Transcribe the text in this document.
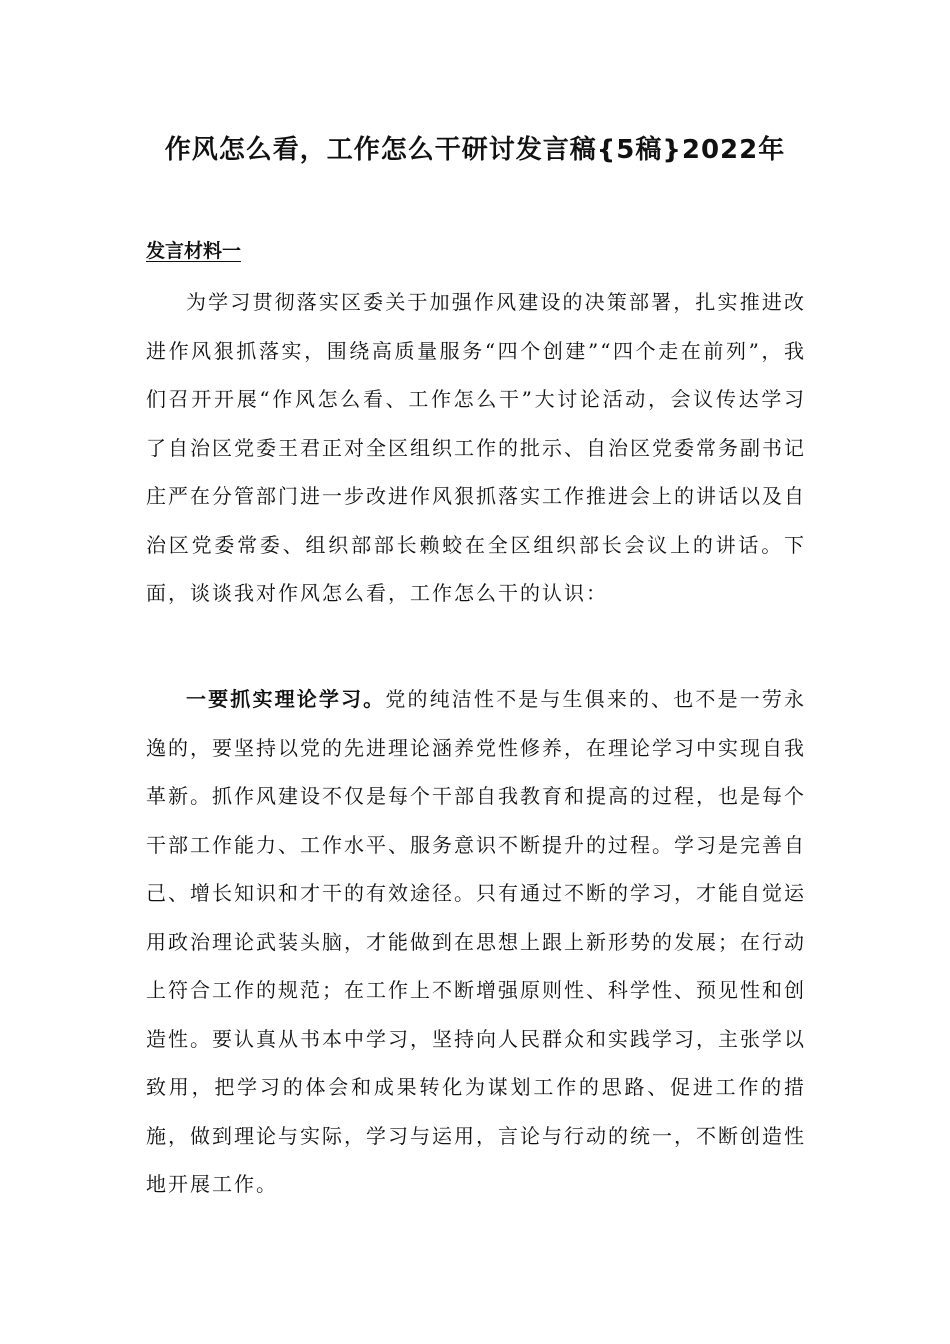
作风怎么看，工作怎么干研讨发言稿{5稿}2022年
发言材料一

为学习贯彻落实区委关于加强作风建设的决策部署，扎实推进改进作风狠抓落实，围绕高质量服务“四个创建”“四个走在前列”，我们召开开展“作风怎么看、工作怎么干”大讨论活动，会议传达学习了自治区党委王君正对全区组织工作的批示、自治区党委常务副书记庄严在分管部门进一步改进作风狠抓落实工作推进会上的讲话以及自治区党委常委、组织部部长赖蛟在全区组织部长会议上的讲话。下面，谈谈我对作风怎么看，工作怎么干的认识：

一要抓实理论学习。党的纯洁性不是与生俱来的、也不是一劳永逸的，要坚持以党的先进理论涵养党性修养，在理论学习中实现自我革新。抓作风建设不仅是每个干部自我教育和提高的过程，也是每个干部工作能力、工作水平、服务意识不断提升的过程。学习是完善自己、增长知识和才干的有效途径。只有通过不断的学习，才能自觉运用政治理论武装头脑，才能做到在思想上跟上新形势的发展；在行动上符合工作的规范；在工作上不断增强原则性、科学性、预见性和创造性。要认真从书本中学习，坚持向人民群众和实践学习，主张学以致用，把学习的体会和成果转化为谋划工作的思路、促进工作的措施，做到理论与实际，学习与运用，言论与行动的统一，不断创造性地开展工作。
